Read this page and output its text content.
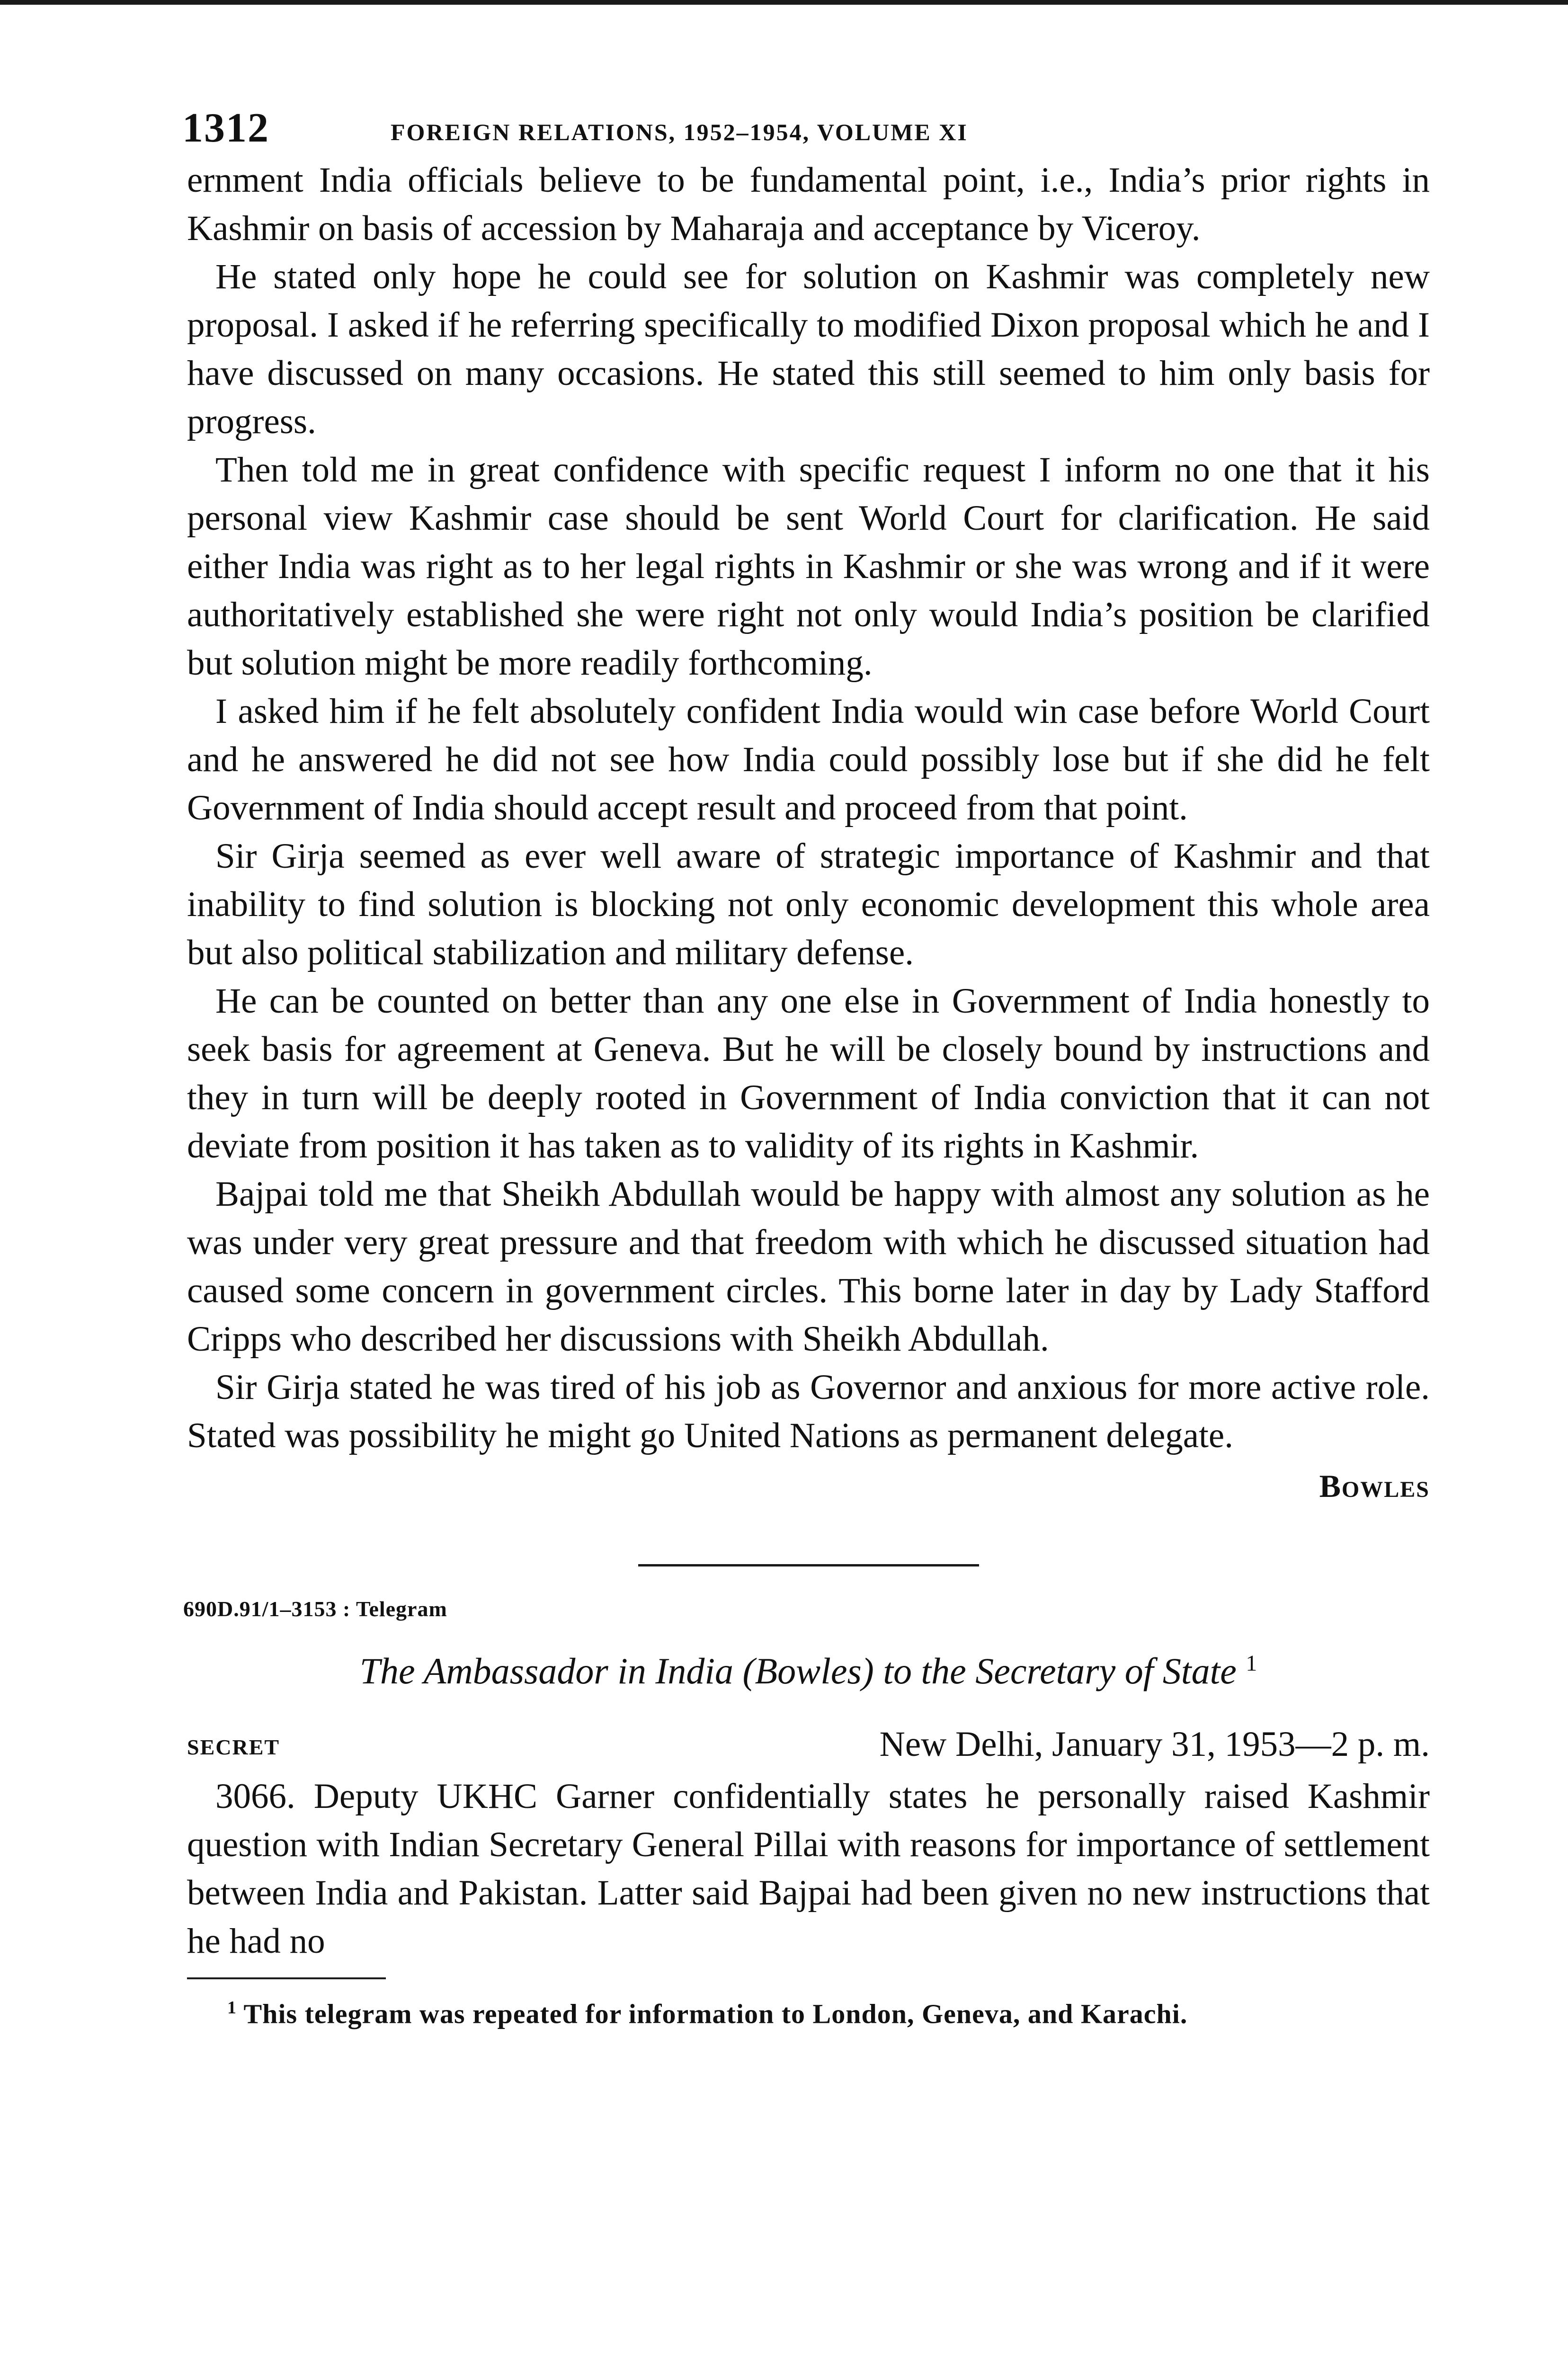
1312	FOREIGN RELATIONS, 1952–1954, VOLUME XI

ernment India officials believe to be fundamental point, i.e., India’s prior rights in Kashmir on basis of accession by Maharaja and acceptance by Viceroy.

He stated only hope he could see for solution on Kashmir was completely new proposal. I asked if he referring specifically to modified Dixon proposal which he and I have discussed on many occasions. He stated this still seemed to him only basis for progress.

Then told me in great confidence with specific request I inform no one that it his personal view Kashmir case should be sent World Court for clarification. He said either India was right as to her legal rights in Kashmir or she was wrong and if it were authoritatively established she were right not only would India’s position be clarified but solution might be more readily forthcoming.

I asked him if he felt absolutely confident India would win case before World Court and he answered he did not see how India could possibly lose but if she did he felt Government of India should accept result and proceed from that point.

Sir Girja seemed as ever well aware of strategic importance of Kashmir and that inability to find solution is blocking not only economic development this whole area but also political stabilization and military defense.

He can be counted on better than any one else in Government of India honestly to seek basis for agreement at Geneva. But he will be closely bound by instructions and they in turn will be deeply rooted in Government of India conviction that it can not deviate from position it has taken as to validity of its rights in Kashmir.

Bajpai told me that Sheikh Abdullah would be happy with almost any solution as he was under very great pressure and that freedom with which he discussed situation had caused some concern in government circles. This borne later in day by Lady Stafford Cripps who described her discussions with Sheikh Abdullah.

Sir Girja stated he was tired of his job as Governor and anxious for more active role. Stated was possibility he might go United Nations as permanent delegate.

Bowles
690D.91/1–3153 : Telegram
The Ambassador in India (Bowles) to the Secretary of State $^1$
SECRET	New Delhi, January 31, 1953—2 p. m.

3066. Deputy UKHC Garner confidentially states he personally raised Kashmir question with Indian Secretary General Pillai with reasons for importance of settlement between India and Pakistan. Latter said Bajpai had been given no new instructions that he had no

$^1$ This telegram was repeated for information to London, Geneva, and Karachi.
